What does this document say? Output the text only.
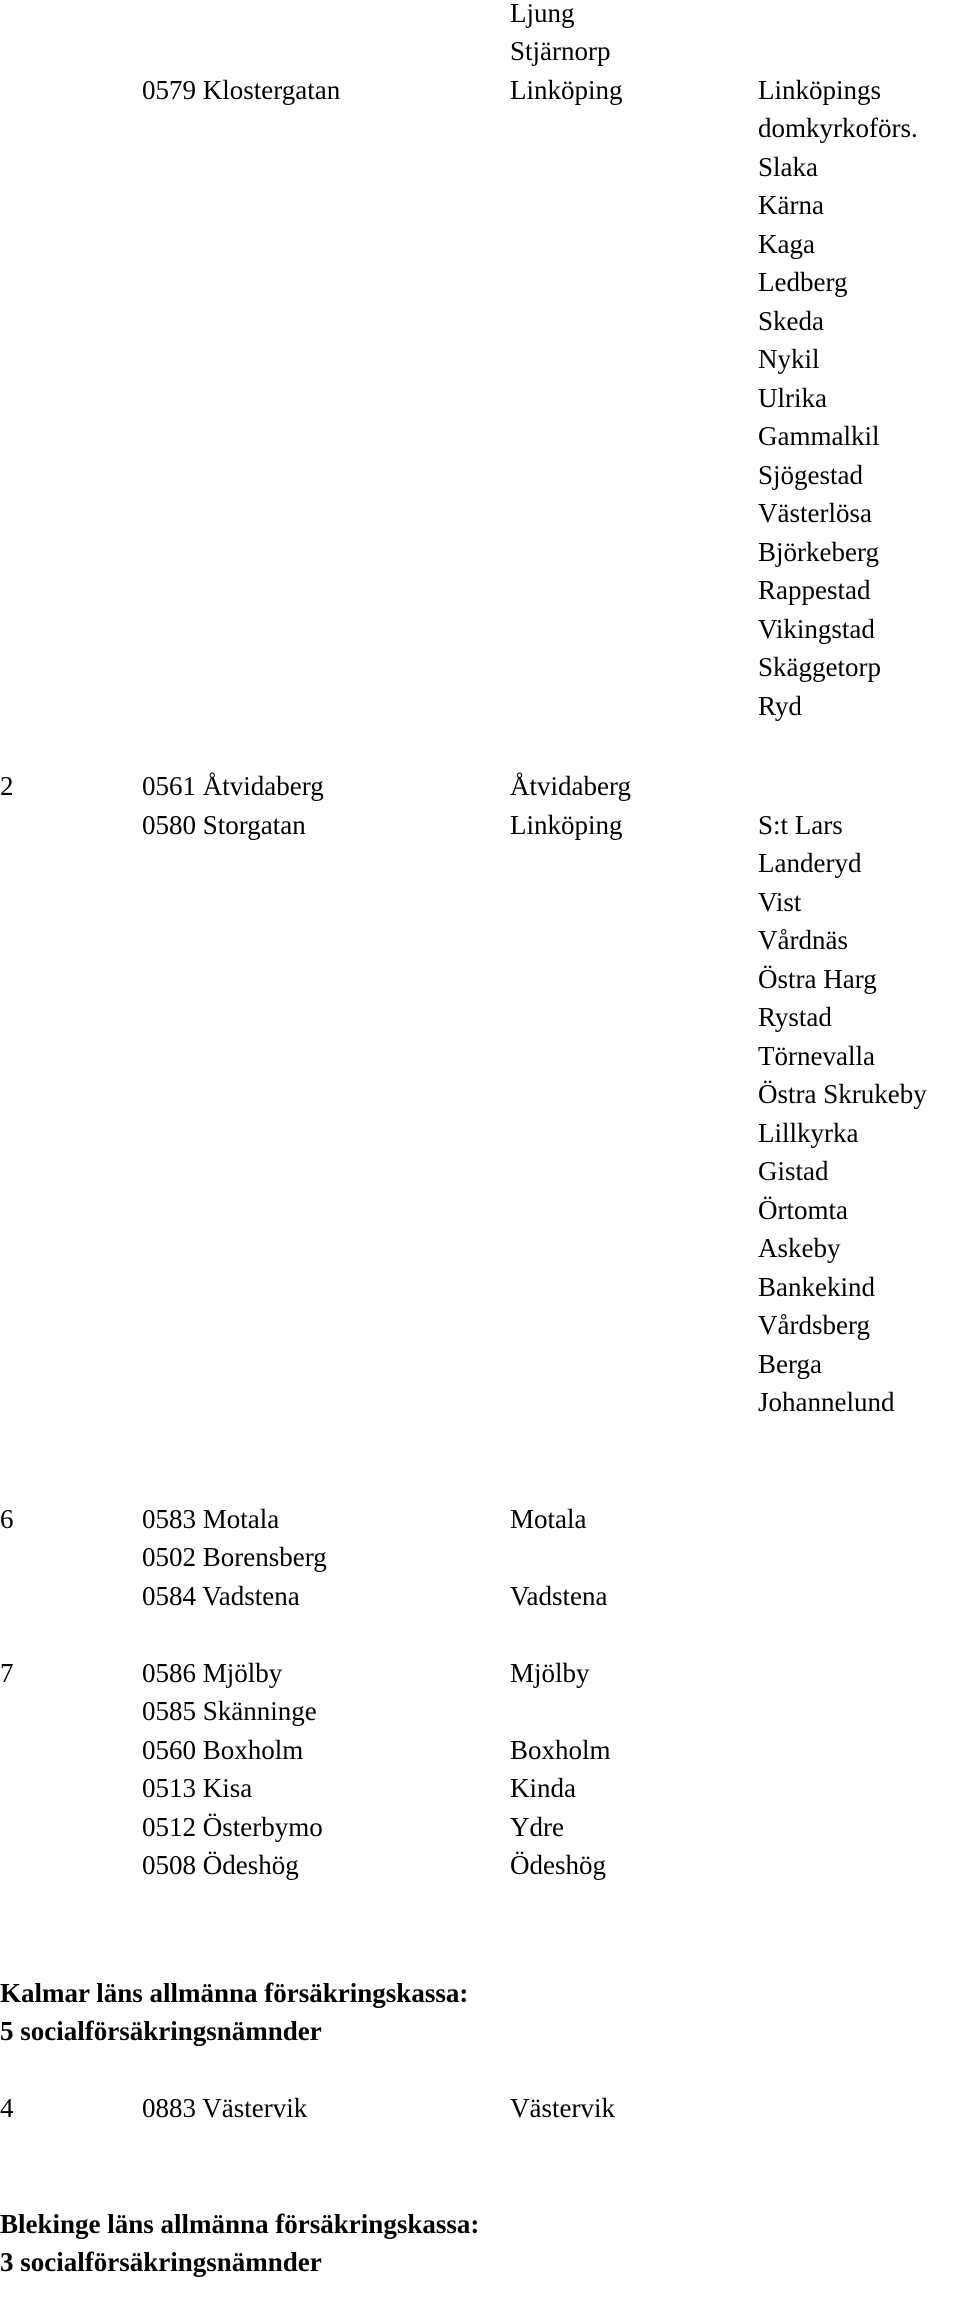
Ljung
Stjärnorp
0579 Klostergatan	Linköping	Linköpings
domkyrkoförs.
Slaka
Kärna
Kaga
Ledberg
Skeda
Nykil
Ulrika
Gammalkil
Sjögestad
Västerlösa
Björkeberg
Rappestad
Vikingstad
Skäggetorp
Ryd
2	0561 Åtvidaberg	Åtvidaberg
0580 Storgatan	Linköping	S:t Lars
Landeryd
Vist
Vårdnäs
Östra Harg
Rystad
Törnevalla
Östra Skrukeby
Lillkyrka
Gistad
Örtomta
Askeby
Bankekind
Vårdsberg
Berga
Johannelund
6	0583 Motala	Motala
0502 Borensberg
0584 Vadstena	Vadstena
7	0586 Mjölby	Mjölby
0585 Skänninge
0560 Boxholm	Boxholm
0513 Kisa	Kinda
0512 Österbymo	Ydre
0508 Ödeshög	Ödeshög
Kalmar läns allmänna försäkringskassa:
5 socialförsäkringsnämnder
4	0883 Västervik	Västervik
Blekinge läns allmänna försäkringskassa:
3 socialförsäkringsnämnder
